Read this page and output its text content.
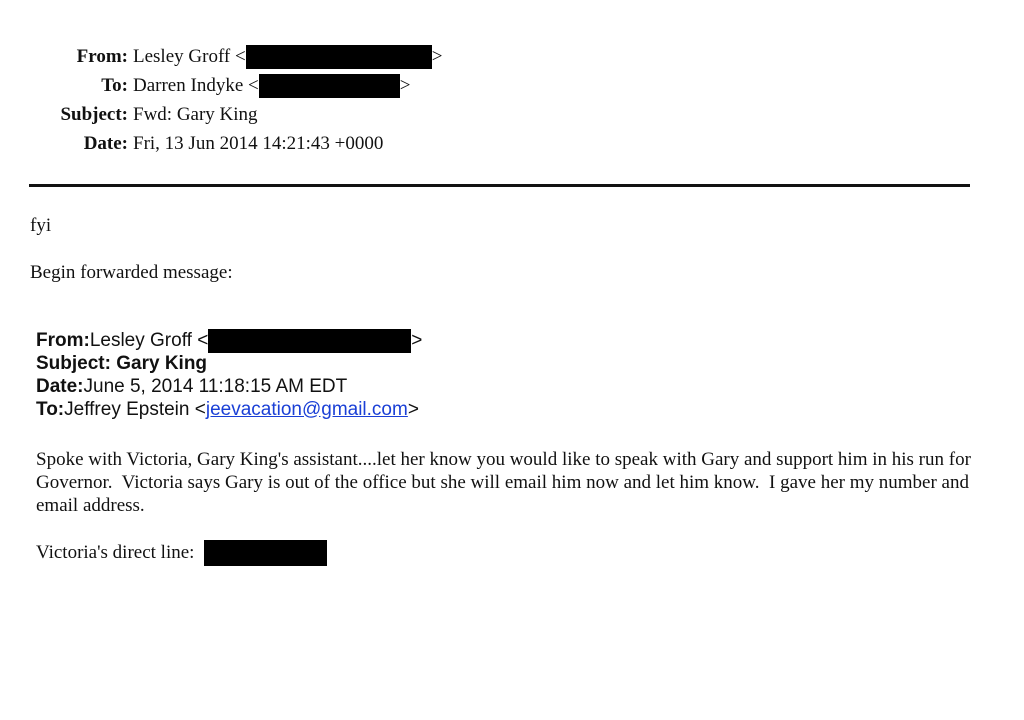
From: Lesley Groff <	>
To: Darren Indyke <	>
Subject: Fwd: Gary King
Date: Fri, 13 Jun 2014 14:21:43 +0000
fyi
Begin forwarded message:
From: Lesley Groff <	>
Subject: Gary King
Date: June 5, 2014 11:18:15 AM EDT
To: Jeffrey Epstein < jeevacation@gmail.com >
Spoke with Victoria, Gary King's assistant....let her know you would like to speak with Gary and support him in his run for Governor.  Victoria says Gary is out of the office but she will email him now and let him know.  I gave her my number and email address.
Victoria's direct line:
